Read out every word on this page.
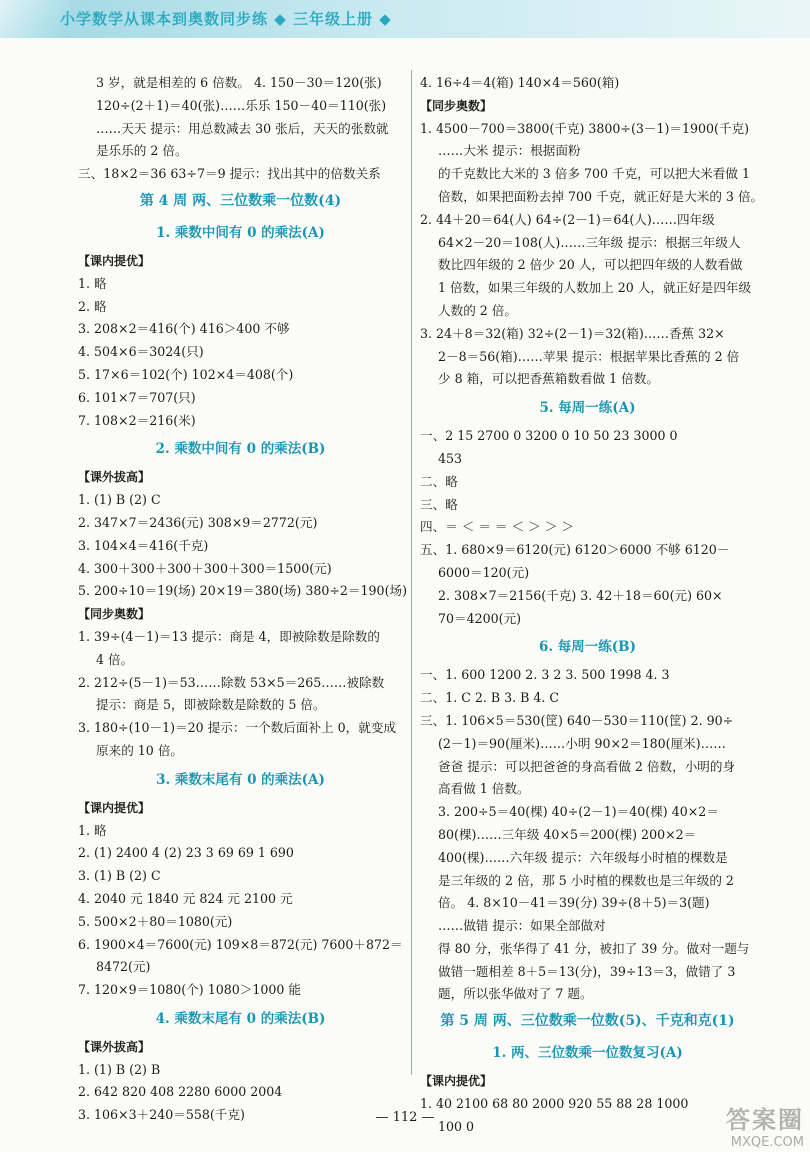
小学数学从课本到奥数同步练 ◆ 三年级上册 ◆
3 岁，就是相差的 6 倍数。 4. 150－30＝120(张)
120÷(2＋1)＝40(张)……乐乐 150－40＝110(张)
……天天 提示：用总数减去 30 张后，天天的张数就
是乐乐的 2 倍。
三、18×2＝36 63÷7＝9 提示：找出其中的倍数关系
第 4 周 两、三位数乘一位数(4)
1. 乘数中间有 0 的乘法(A)
【课内提优】
1. 略
2. 略
3. 208×2＝416(个) 416＞400 不够
4. 504×6＝3024(只)
5. 17×6＝102(个) 102×4＝408(个)
6. 101×7＝707(只)
7. 108×2＝216(米)
2. 乘数中间有 0 的乘法(B)
【课外拔高】
1. (1) B (2) C
2. 347×7＝2436(元) 308×9＝2772(元)
3. 104×4＝416(千克)
4. 300＋300＋300＋300＋300＝1500(元)
5. 200÷10＝19(场) 20×19＝380(场) 380÷2＝190(场)
【同步奥数】
1. 39÷(4－1)＝13 提示：商是 4，即被除数是除数的
4 倍。
2. 212÷(5－1)＝53……除数 53×5＝265……被除数
提示：商是 5，即被除数是除数的 5 倍。
3. 180÷(10－1)＝20 提示：一个数后面补上 0，就变成
原来的 10 倍。
3. 乘数末尾有 0 的乘法(A)
【课内提优】
1. 略
2. (1) 2400 4 (2) 23 3 69 69 1 690
3. (1) B (2) C
4. 2040 元 1840 元 824 元 2100 元
5. 500×2＋80＝1080(元)
6. 1900×4＝7600(元) 109×8＝872(元) 7600＋872＝
8472(元)
7. 120×9＝1080(个) 1080＞1000 能
4. 乘数末尾有 0 的乘法(B)
【课外拔高】
1. (1) B (2) B
2. 642 820 408 2280 6000 2004
3. 106×3＋240＝558(千克)
4. 16÷4＝4(箱) 140×4＝560(箱)
【同步奥数】
1. 4500－700＝3800(千克) 3800÷(3－1)＝1900(千克)
……大米 提示：根据面粉
的千克数比大米的 3 倍多 700 千克，可以把大米看做 1
倍数，如果把面粉去掉 700 千克，就正好是大米的 3 倍。
2. 44＋20＝64(人) 64÷(2－1)＝64(人)……四年级
64×2－20＝108(人)……三年级 提示：根据三年级人
数比四年级的 2 倍少 20 人，可以把四年级的人数看做
1 倍数，如果三年级的人数加上 20 人，就正好是四年级
人数的 2 倍。
3. 24＋8＝32(箱) 32÷(2－1)＝32(箱)……香蕉 32×
2－8＝56(箱)……苹果 提示：根据苹果比香蕉的 2 倍
少 8 箱，可以把香蕉箱数看做 1 倍数。
5. 每周一练(A)
一、2 15 2700 0 3200 0 10 50 23 3000 0
453
二、略
三、略
四、＝ ＜ ＝ ＝ ＜ ＞ ＞ ＞
五、1. 680×9＝6120(元) 6120＞6000 不够 6120－
6000＝120(元)
2. 308×7＝2156(千克) 3. 42＋18＝60(元) 60×
70＝4200(元)
6. 每周一练(B)
一、1. 600 1200 2. 3 2 3. 500 1998 4. 3
二、1. C 2. B 3. B 4. C
三、1. 106×5＝530(筐) 640－530＝110(筐) 2. 90÷
(2－1)＝90(厘米)……小明 90×2＝180(厘米)……
爸爸 提示：可以把爸爸的身高看做 2 倍数，小明的身
高看做 1 倍数。
3. 200÷5＝40(棵) 40÷(2－1)＝40(棵) 40×2＝
80(棵)……三年级 40×5＝200(棵) 200×2＝
400(棵)……六年级 提示：六年级每小时植的棵数是
是三年级的 2 倍，那 5 小时植的棵数也是三年级的 2
倍。 4. 8×10－41＝39(分) 39÷(8＋5)＝3(题)
……做错 提示：如果全部做对
得 80 分，张华得了 41 分，被扣了 39 分。做对一题与
做错一题相差 8＋5＝13(分)，39÷13＝3，做错了 3
题，所以张华做对了 7 题。
第 5 周 两、三位数乘一位数(5)、千克和克(1)
1. 两、三位数乘一位数复习(A)
【课内提优】
1. 40 2100 68 80 2000 920 55 88 28 1000
100 0
— 112 —	答案圈
MXQE.COM
